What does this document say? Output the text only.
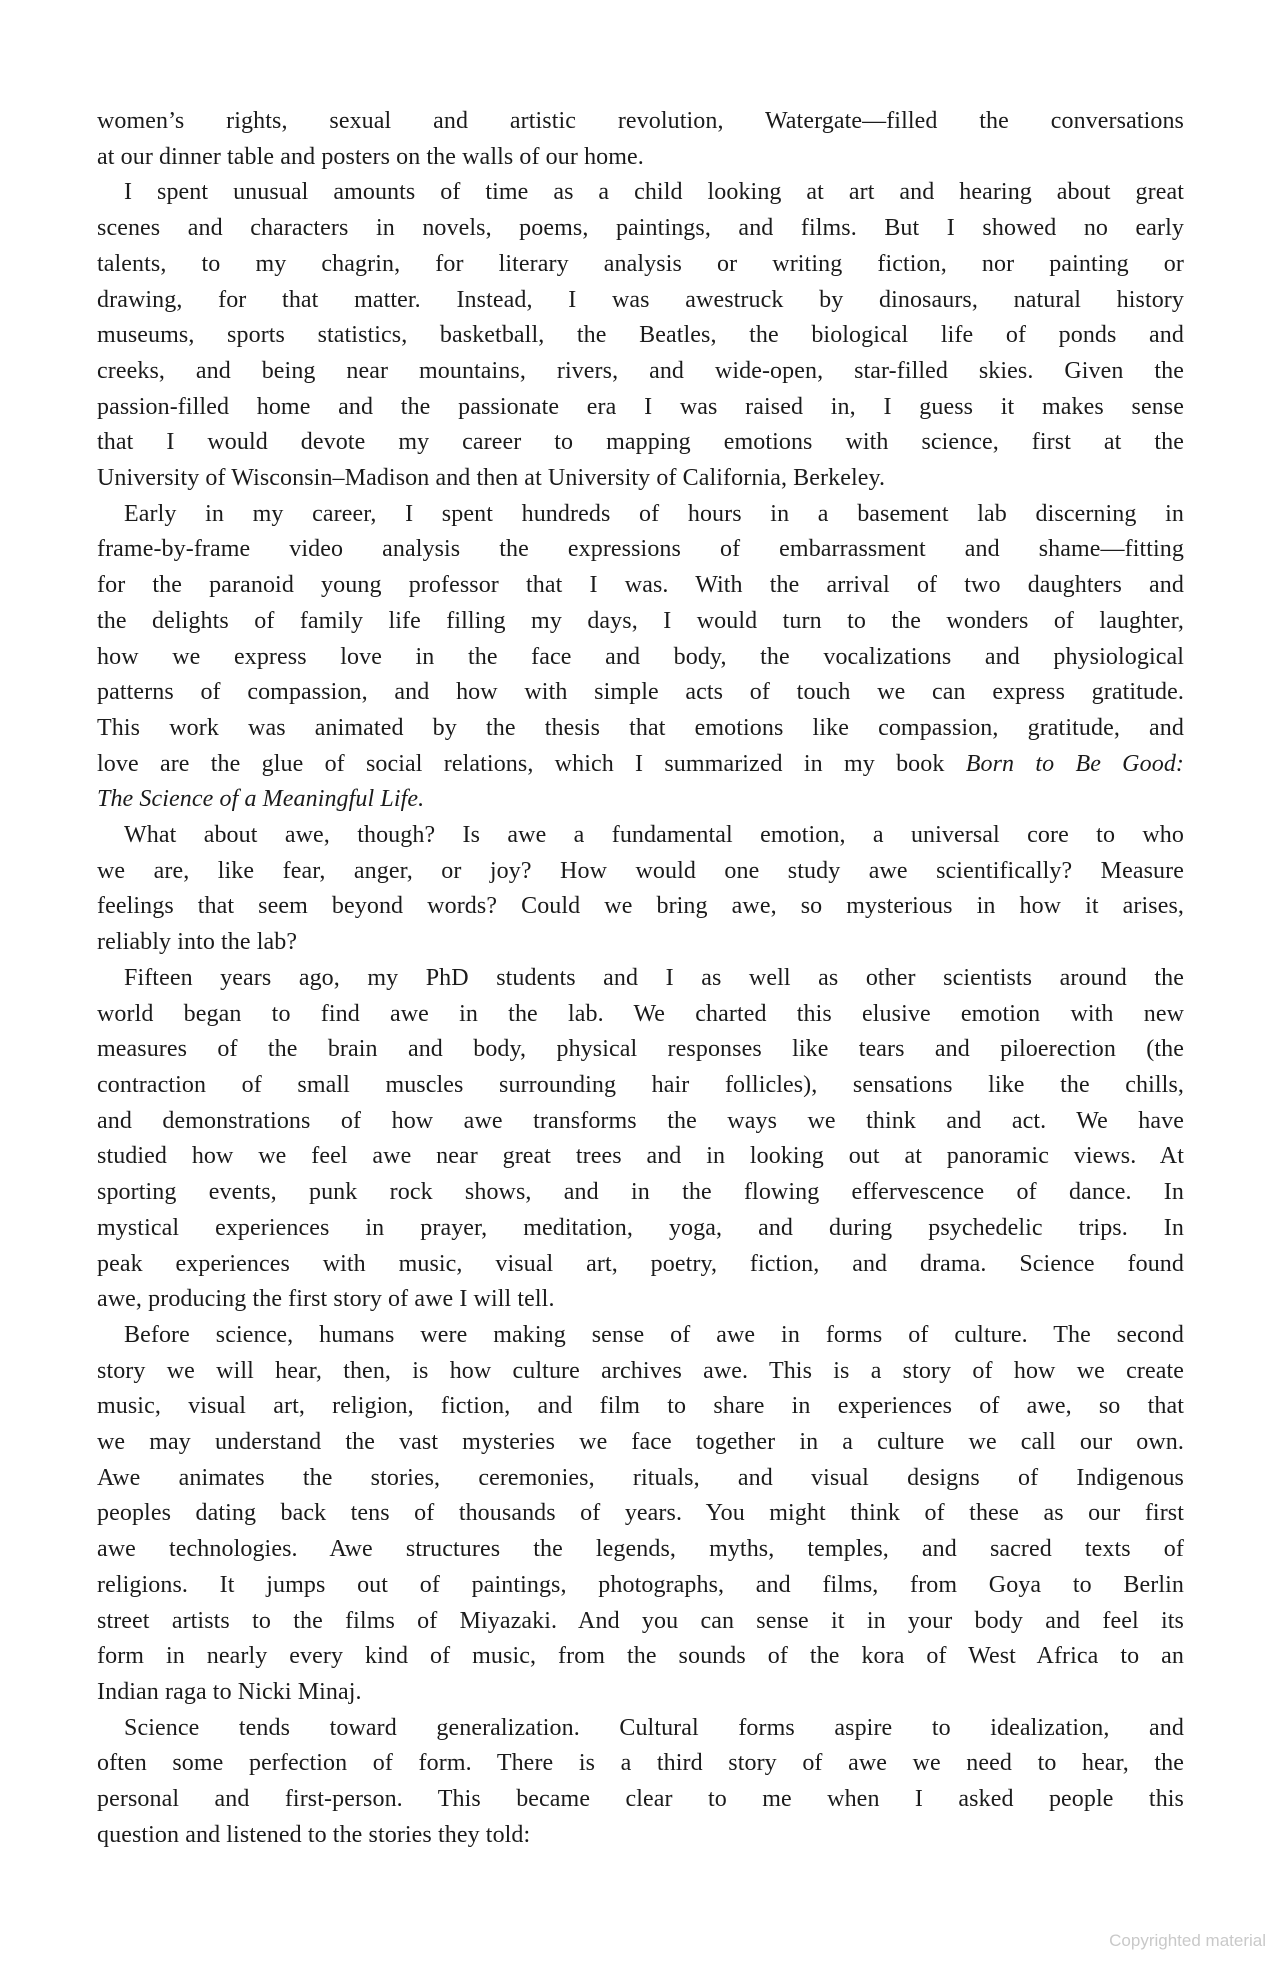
women’s rights, sexual and artistic revolution, Watergate—filled the conversations
at our dinner table and posters on the walls of our home.
I spent unusual amounts of time as a child looking at art and hearing about great
scenes and characters in novels, poems, paintings, and films. But I showed no early
talents, to my chagrin, for literary analysis or writing fiction, nor painting or
drawing, for that matter. Instead, I was awestruck by dinosaurs, natural history
museums, sports statistics, basketball, the Beatles, the biological life of ponds and
creeks, and being near mountains, rivers, and wide-open, star-filled skies. Given the
passion-filled home and the passionate era I was raised in, I guess it makes sense
that I would devote my career to mapping emotions with science, first at the
University of Wisconsin–Madison and then at University of California, Berkeley.
Early in my career, I spent hundreds of hours in a basement lab discerning in
frame-by-frame video analysis the expressions of embarrassment and shame—fitting
for the paranoid young professor that I was. With the arrival of two daughters and
the delights of family life filling my days, I would turn to the wonders of laughter,
how we express love in the face and body, the vocalizations and physiological
patterns of compassion, and how with simple acts of touch we can express gratitude.
This work was animated by the thesis that emotions like compassion, gratitude, and
love are the glue of social relations, which I summarized in my book Born to Be Good:
The Science of a Meaningful Life.
What about awe, though? Is awe a fundamental emotion, a universal core to who
we are, like fear, anger, or joy? How would one study awe scientifically? Measure
feelings that seem beyond words? Could we bring awe, so mysterious in how it arises,
reliably into the lab?
Fifteen years ago, my PhD students and I as well as other scientists around the
world began to find awe in the lab. We charted this elusive emotion with new
measures of the brain and body, physical responses like tears and piloerection (the
contraction of small muscles surrounding hair follicles), sensations like the chills,
and demonstrations of how awe transforms the ways we think and act. We have
studied how we feel awe near great trees and in looking out at panoramic views. At
sporting events, punk rock shows, and in the flowing effervescence of dance. In
mystical experiences in prayer, meditation, yoga, and during psychedelic trips. In
peak experiences with music, visual art, poetry, fiction, and drama. Science found
awe, producing the first story of awe I will tell.
Before science, humans were making sense of awe in forms of culture. The second
story we will hear, then, is how culture archives awe. This is a story of how we create
music, visual art, religion, fiction, and film to share in experiences of awe, so that
we may understand the vast mysteries we face together in a culture we call our own.
Awe animates the stories, ceremonies, rituals, and visual designs of Indigenous
peoples dating back tens of thousands of years. You might think of these as our first
awe technologies. Awe structures the legends, myths, temples, and sacred texts of
religions. It jumps out of paintings, photographs, and films, from Goya to Berlin
street artists to the films of Miyazaki. And you can sense it in your body and feel its
form in nearly every kind of music, from the sounds of the kora of West Africa to an
Indian raga to Nicki Minaj.
Science tends toward generalization. Cultural forms aspire to idealization, and
often some perfection of form. There is a third story of awe we need to hear, the
personal and first-person. This became clear to me when I asked people this
question and listened to the stories they told:
Copyrighted material
